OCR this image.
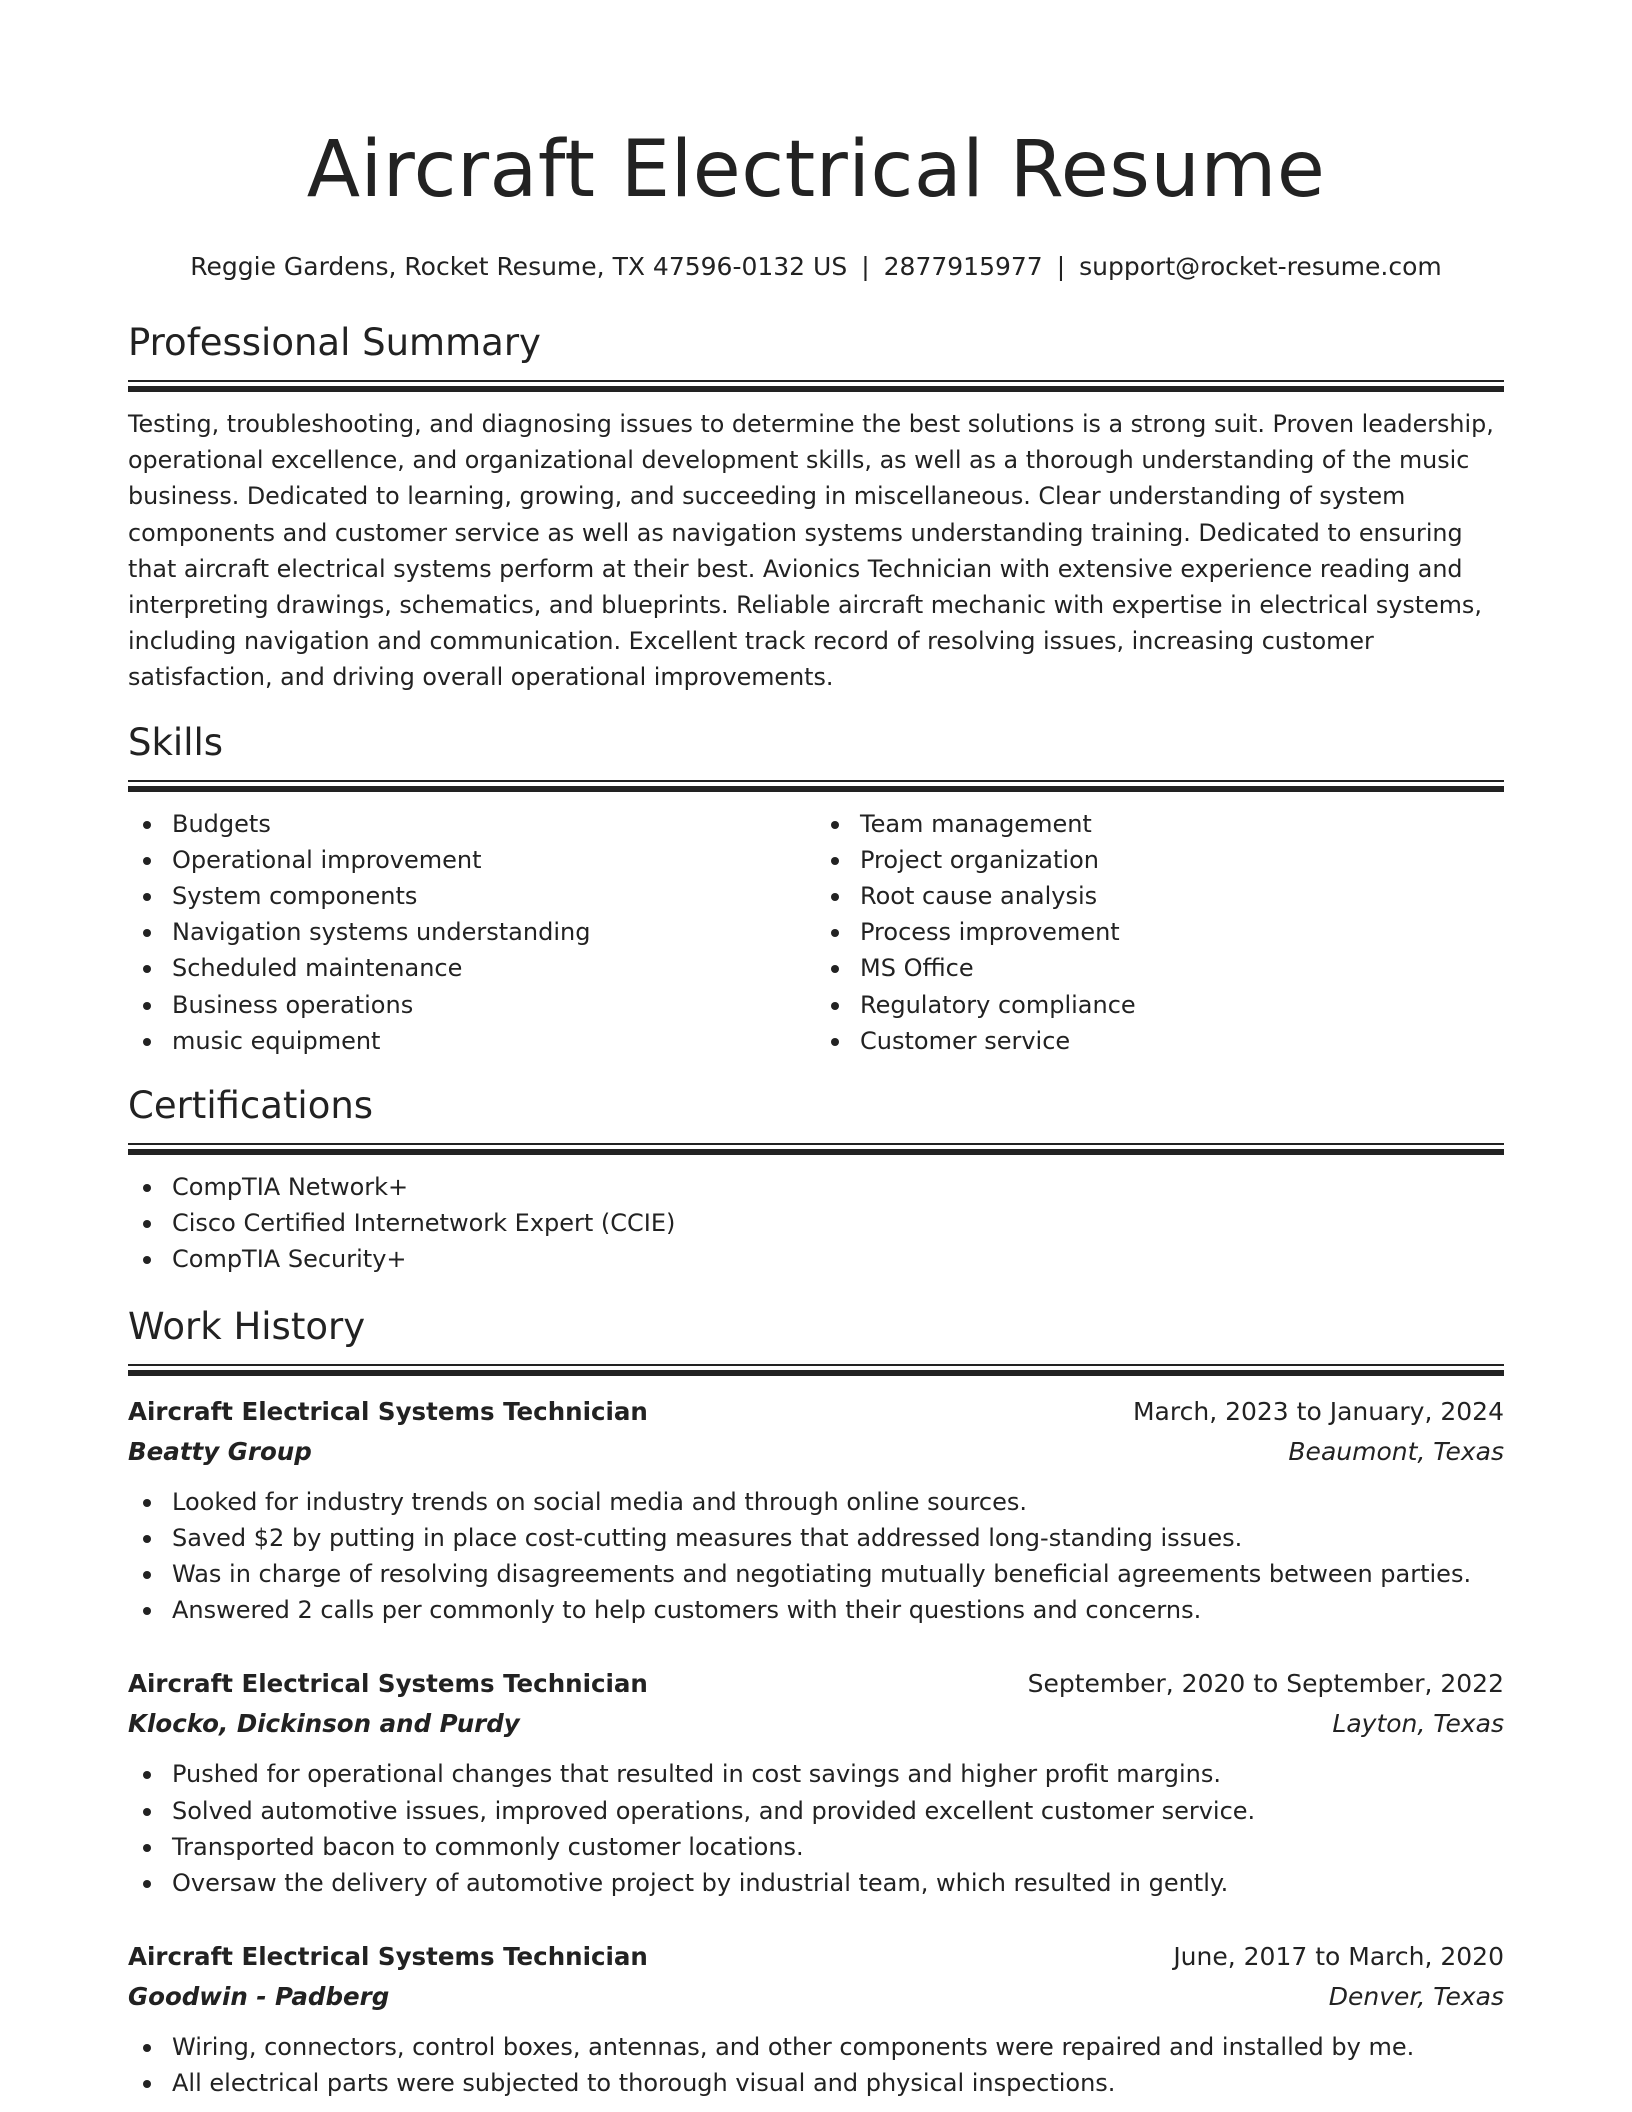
Aircraft Electrical Resume
Reggie Gardens, Rocket Resume, TX 47596-0132 US | 2877915977 | support@rocket-resume.com
Professional Summary

Testing, troubleshooting, and diagnosing issues to determine the best solutions is a strong suit. Proven leadership, operational excellence, and organizational development skills, as well as a thorough understanding of the music business. Dedicated to learning, growing, and succeeding in miscellaneous. Clear understanding of system components and customer service as well as navigation systems understanding training. Dedicated to ensuring that aircraft electrical systems perform at their best. Avionics Technician with extensive experience reading and interpreting drawings, schematics, and blueprints. Reliable aircraft mechanic with expertise in electrical systems, including navigation and communication. Excellent track record of resolving issues, increasing customer satisfaction, and driving overall operational improvements.

Skills
Budgets
Operational improvement
System components
Navigation systems understanding
Scheduled maintenance
Business operations
music equipment
Team management
Project organization
Root cause analysis
Process improvement
MS Office
Regulatory compliance
Customer service
Certifications
CompTIA Network+
Cisco Certified Internetwork Expert (CCIE)
CompTIA Security+
Work History
Aircraft Electrical Systems Technician	March, 2023 to January, 2024
Beatty Group	Beaumont, Texas
Looked for industry trends on social media and through online sources.
Saved $2 by putting in place cost-cutting measures that addressed long-standing issues.
Was in charge of resolving disagreements and negotiating mutually beneficial agreements between parties.
Answered 2 calls per commonly to help customers with their questions and concerns.
Aircraft Electrical Systems Technician	September, 2020 to September, 2022
Klocko, Dickinson and Purdy	Layton, Texas
Pushed for operational changes that resulted in cost savings and higher profit margins.
Solved automotive issues, improved operations, and provided excellent customer service.
Transported bacon to commonly customer locations.
Oversaw the delivery of automotive project by industrial team, which resulted in gently.
Aircraft Electrical Systems Technician	June, 2017 to March, 2020
Goodwin - Padberg	Denver, Texas
Wiring, connectors, control boxes, antennas, and other components were repaired and installed by me.
All electrical parts were subjected to thorough visual and physical inspections.
